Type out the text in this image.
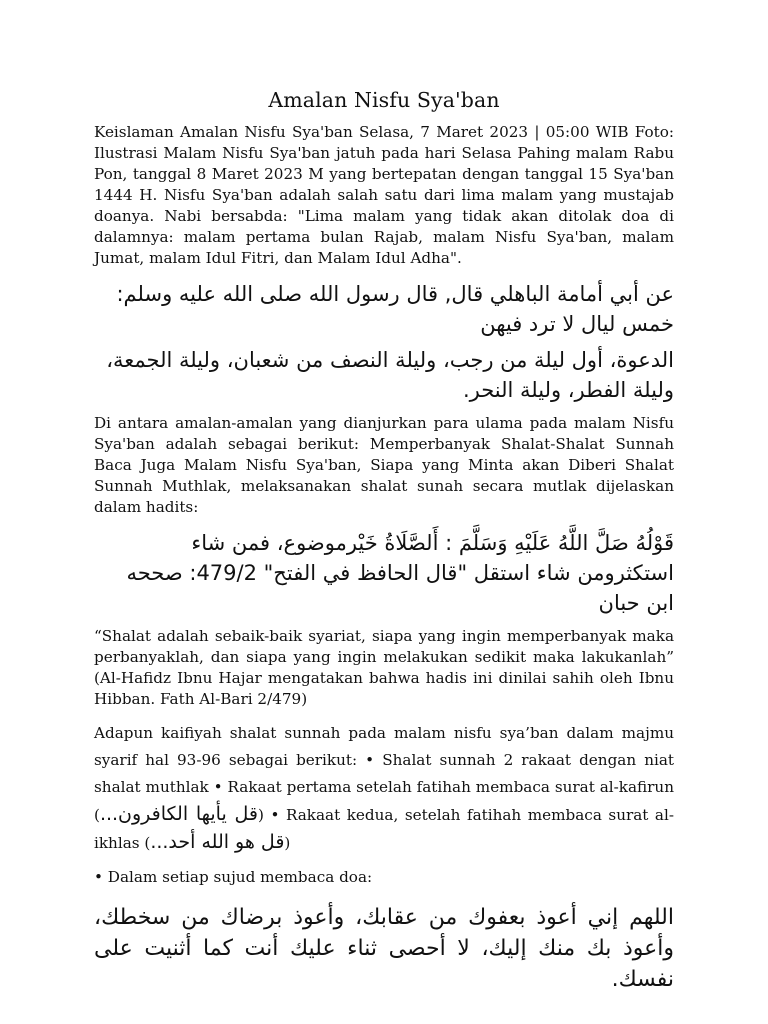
Amalan Nisfu Sya'ban

Keislaman Amalan Nisfu Sya'ban Selasa, 7 Maret 2023 | 05:00 WIB Foto: Ilustrasi Malam Nisfu Sya'ban jatuh pada hari Selasa Pahing malam Rabu Pon, tanggal 8 Maret 2023 M yang bertepatan dengan tanggal 15 Sya'ban 1444 H. Nisfu Sya'ban adalah salah satu dari lima malam yang mustajab doanya. Nabi bersabda: "Lima malam yang tidak akan ditolak doa di dalamnya: malam pertama bulan Rajab, malam Nisfu Sya'ban, malam Jumat, malam Idul Fitri, dan Malam Idul Adha".

عن أبي أمامة الباهلي قال, قال رسول الله صلى الله عليه وسلم: خمس ليال لا ترد فيهن

الدعوة، أول ليلة من رجب، وليلة النصف من شعبان، وليلة الجمعة، وليلة الفطر، وليلة النحر.

Di antara amalan-amalan yang dianjurkan para ulama pada malam Nisfu Sya'ban adalah sebagai berikut: Memperbanyak Shalat-Shalat Sunnah Baca Juga Malam Nisfu Sya'ban, Siapa yang Minta akan Diberi Shalat Sunnah Muthlak, melaksanakan shalat sunah secara mutlak dijelaskan dalam hadits:

قَوْلُهُ صَلَّ اللَّهُ عَلَيْهِ وَسَلَّمَ : أَلصَّلَاةُ خَيْرموضوع، فمن شاء استكثرومن شاء استقل "قال الحافظ في الفتح" 479/2: صححه ابن حبان

“Shalat adalah sebaik-baik syariat, siapa yang ingin memperbanyak maka perbanyaklah, dan siapa yang ingin melakukan sedikit maka lakukanlah” (Al-Hafidz Ibnu Hajar mengatakan bahwa hadis ini dinilai sahih oleh Ibnu Hibban. Fath Al-Bari 2/479)

Adapun kaifiyah shalat sunnah pada malam nisfu sya’ban dalam majmu syarif hal 93-96 sebagai berikut: • Shalat sunnah 2 rakaat dengan niat shalat muthlak • Rakaat pertama setelah fatihah membaca surat al-kafirun (قل يأيها الكافرون...) • Rakaat kedua, setelah fatihah membaca surat al-ikhlas (قل هو الله أحد...)

• Dalam setiap sujud membaca doa:

اللهم إني أعوذ بعفوك من عقابك، وأعوذ برضاك من سخطك، وأعوذ بك منك إليك، لا أحصى ثناء عليك أنت كما أثنيت على نفسك.
